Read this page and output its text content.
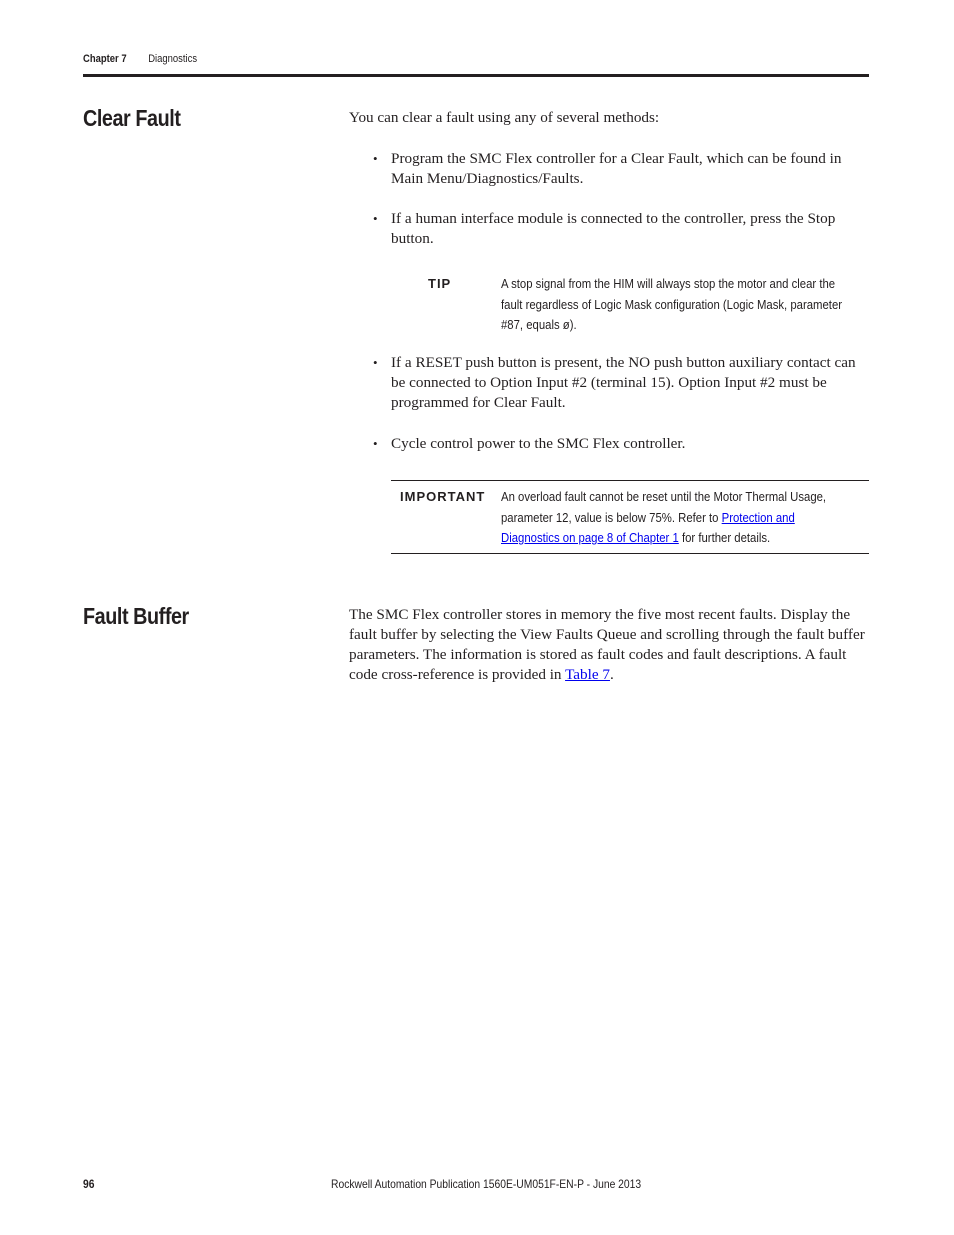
Chapter 7 Diagnostics
Clear Fault	You can clear a fault using any of several methods:

• Program the SMC Flex controller for a Clear Fault, which can be found in Main Menu/Diagnostics/Faults.
• If a human interface module is connected to the controller, press the Stop button.
TIP	A stop signal from the HIM will always stop the motor and clear the fault regardless of Logic Mask configuration (Logic Mask, parameter #87, equals ø).
• If a RESET push button is present, the NO push button auxiliary contact can be connected to Option Input #2 (terminal 15). Option Input #2 must be programmed for Clear Fault.
• Cycle control power to the SMC Flex controller.
IMPORTANT An overload fault cannot be reset until the Motor Thermal Usage, parameter 12, value is below 75%. Refer to Protection and Diagnostics on page 8 of Chapter 1 for further details.
Fault Buffer	The SMC Flex controller stores in memory the five most recent faults. Display the fault buffer by selecting the View Faults Queue and scrolling through the fault buffer parameters. The information is stored as fault codes and fault descriptions. A fault code cross-reference is provided in Table 7.

96	Rockwell Automation Publication 1560E-UM051F-EN-P - June 2013
